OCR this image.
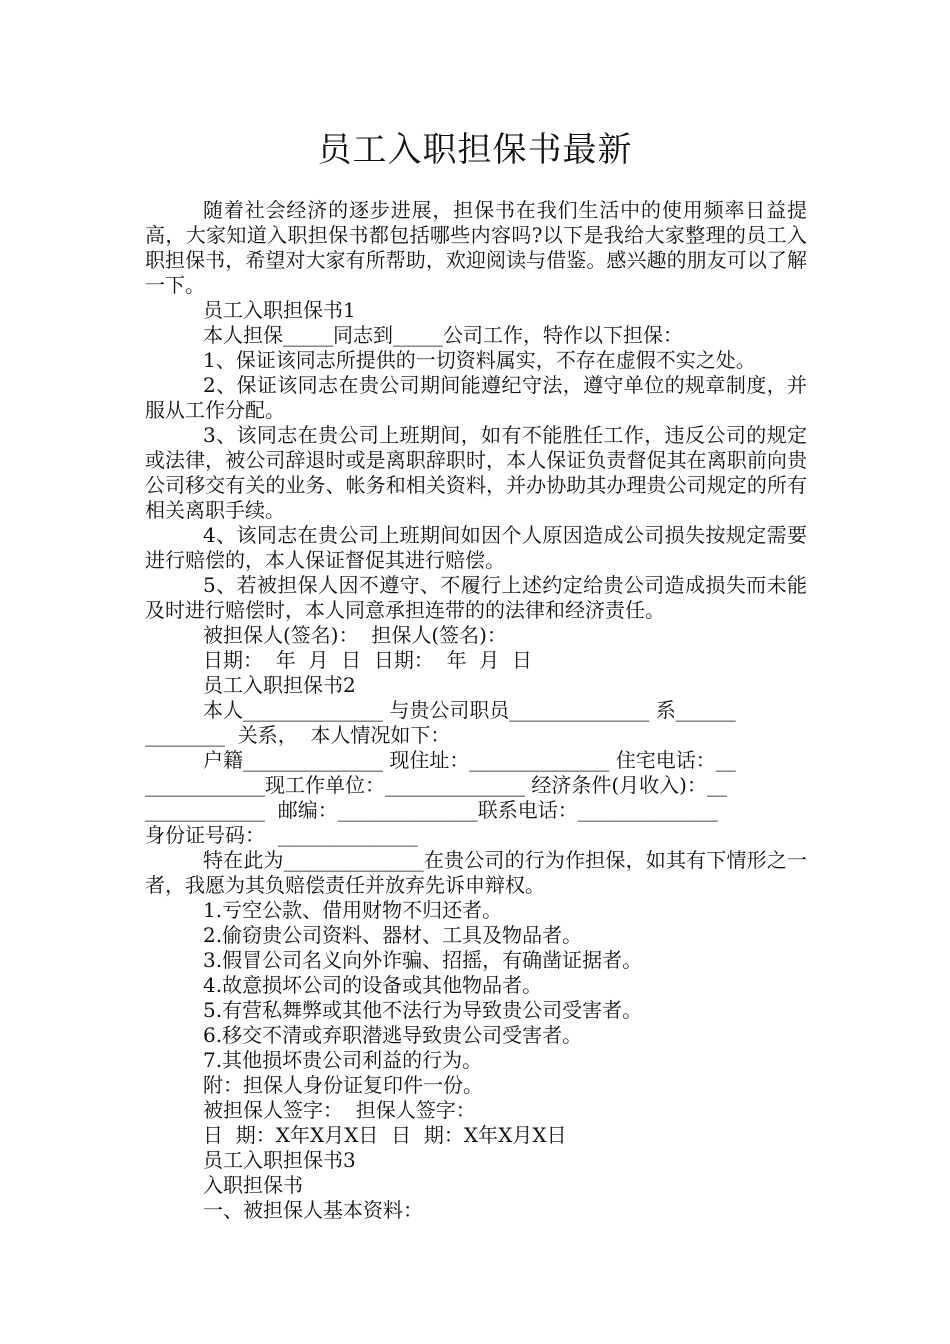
员工入职担保书最新

随着社会经济的逐步进展，担保书在我们生活中的使用频率日益提高，大家知道入职担保书都包括哪些内容吗?以下是我给大家整理的员工入职担保书，希望对大家有所帮助，欢迎阅读与借鉴。感兴趣的朋友可以了解一下。

员工入职担保书1

本人担保_____同志到_____公司工作，特作以下担保：

1、保证该同志所提供的一切资料属实，不存在虚假不实之处。

2、保证该同志在贵公司期间能遵纪守法，遵守单位的规章制度，并服从工作分配。

3、该同志在贵公司上班期间，如有不能胜任工作，违反公司的规定或法律，被公司辞退时或是离职辞职时，本人保证负责督促其在离职前向贵公司移交有关的业务、帐务和相关资料，并办协助其办理贵公司规定的所有相关离职手续。

4、该同志在贵公司上班期间如因个人原因造成公司损失按规定需要进行赔偿的，本人保证督促其进行赔偿。

5、若被担保人因不遵守、不履行上述约定给贵公司造成损失而未能及时进行赔偿时，本人同意承担连带的的法律和经济责任。

被担保人(签名)：  担保人(签名)：

日期：  年  月  日  日期：  年  月  日

员工入职担保书2

本人______________ 与贵公司职员______________ 系______

________  关系，  本人情况如下：

户籍______________ 现住址：______________ 住宅电话：__

____________现工作单位：______________ 经济条件(月收入)：__

____________  邮编：______________联系电话：______________

身份证号码：  ______________

特在此为______________在贵公司的行为作担保，如其有下情形之一者，我愿为其负赔偿责任并放弃先诉申辩权。

1.亏空公款、借用财物不归还者。

2.偷窃贵公司资料、器材、工具及物品者。

3.假冒公司名义向外诈骗、招摇，有确凿证据者。

4.故意损坏公司的设备或其他物品者。

5.有营私舞弊或其他不法行为导致贵公司受害者。

6.移交不清或弃职潜逃导致贵公司受害者。

7.其他损坏贵公司利益的行为。

附：担保人身份证复印件一份。

被担保人签字：  担保人签字：

日  期：X年X月X日  日  期：X年X月X日

员工入职担保书3

入职担保书

一、被担保人基本资料：
